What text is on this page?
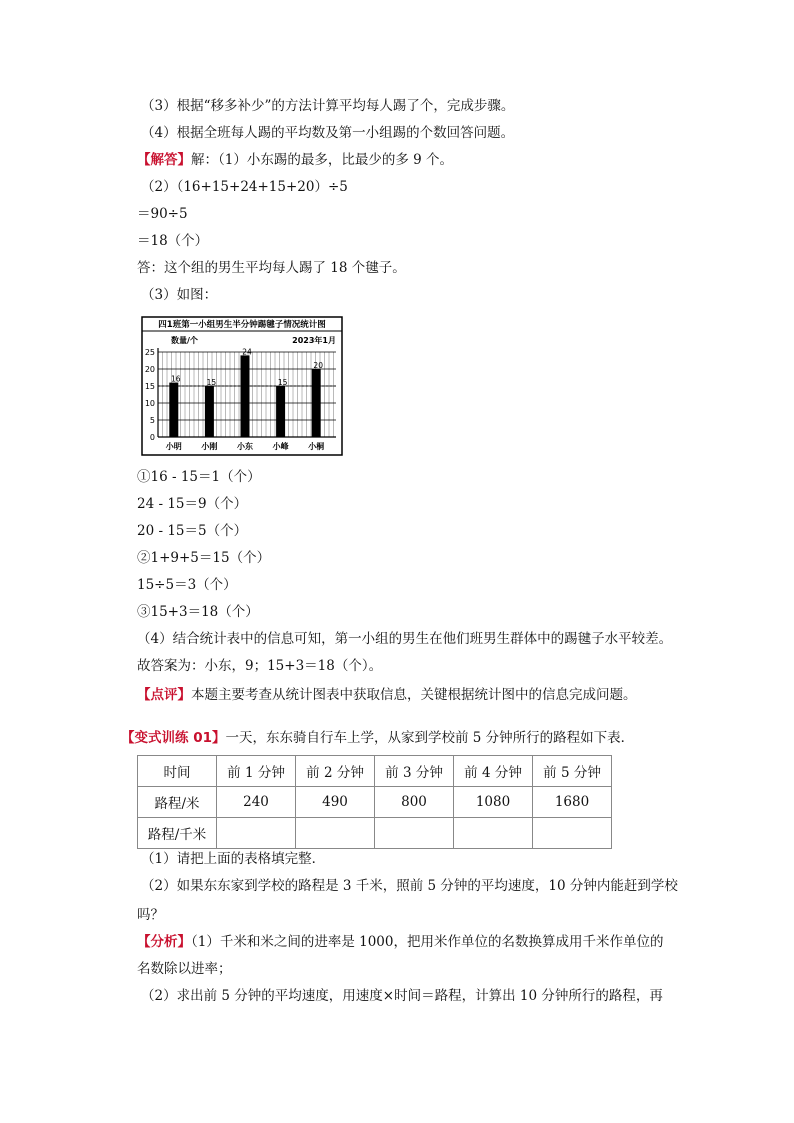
（3）根据“移多补少”的方法计算平均每人踢了个，完成步骤。
（4）根据全班每人踢的平均数及第一小组踢的个数回答问题。
【解答】解：（1）小东踢的最多，比最少的多 9 个。
（2）（16+15+24+15+20）÷5
＝90÷5
＝18（个）
答：这个组的男生平均每人踢了 18 个毽子。
（3）如图：
四1班第一小组男生半分钟踢毽子情况统计图
数量/个	2023年1月
0
5
10
15
20
25
16
小明
15
小刚
24
小东
15
小峰
20
小桐
①16 - 15＝1（个）
24 - 15＝9（个）
20 - 15＝5（个）
②1+9+5＝15（个）
15÷5＝3（个）
③15+3＝18（个）
（4）结合统计表中的信息可知，第一小组的男生在他们班男生群体中的踢毽子水平较差。
故答案为：小东，9；15+3＝18（个）。
【点评】本题主要考查从统计图表中获取信息，关键根据统计图中的信息完成问题。
【变式训练 01】一天，东东骑自行车上学，从家到学校前 5 分钟所行的路程如下表．
时间	前 1 分钟	前 2 分钟	前 3 分钟	前 4 分钟	前 5 分钟
路程/米	240	490	800	1080	1680
路程/千米					
（1）请把上面的表格填完整．
（2）如果东东家到学校的路程是 3 千米，照前 5 分钟的平均速度，10 分钟内能赶到学校
吗？
【分析】（1）千米和米之间的进率是 1000，把用米作单位的名数换算成用千米作单位的
名数除以进率；
（2）求出前 5 分钟的平均速度，用速度×时间＝路程，计算出 10 分钟所行的路程，再
